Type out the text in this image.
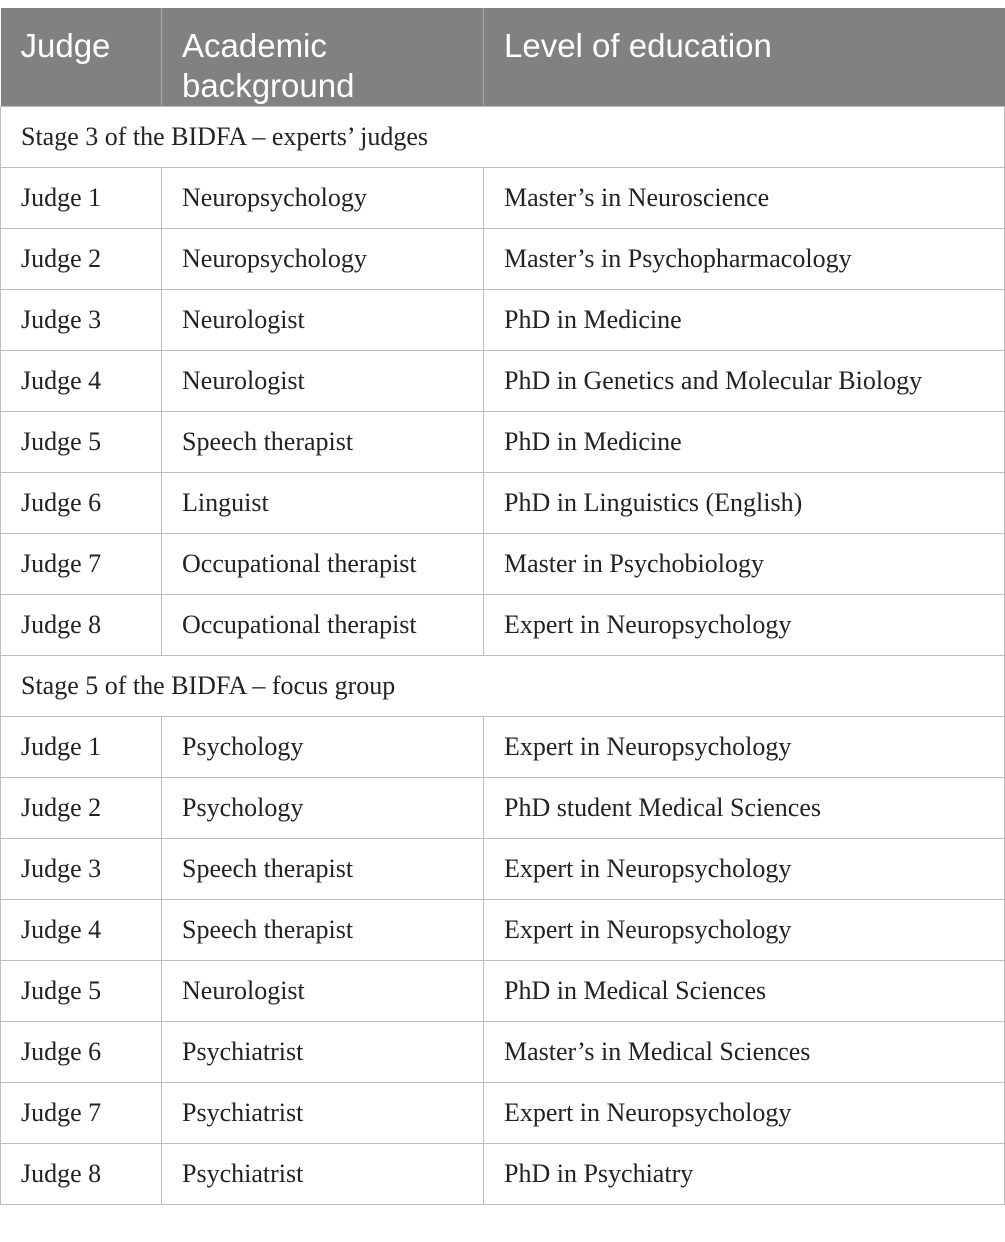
Judge	Academic background	Level of education
Stage 3 of the BIDFA – experts’ judges		
Judge 1	Neuropsychology	Master’s in Neuroscience
Judge 2	Neuropsychology	Master’s in Psychopharmacology
Judge 3	Neurologist	PhD in Medicine
Judge 4	Neurologist	PhD in Genetics and Molecular Biology
Judge 5	Speech therapist	PhD in Medicine
Judge 6	Linguist	PhD in Linguistics (English)
Judge 7	Occupational therapist	Master in Psychobiology
Judge 8	Occupational therapist	Expert in Neuropsychology
Stage 5 of the BIDFA – focus group		
Judge 1	Psychology	Expert in Neuropsychology
Judge 2	Psychology	PhD student Medical Sciences
Judge 3	Speech therapist	Expert in Neuropsychology
Judge 4	Speech therapist	Expert in Neuropsychology
Judge 5	Neurologist	PhD in Medical Sciences
Judge 6	Psychiatrist	Master’s in Medical Sciences
Judge 7	Psychiatrist	Expert in Neuropsychology
Judge 8	Psychiatrist	PhD in Psychiatry
